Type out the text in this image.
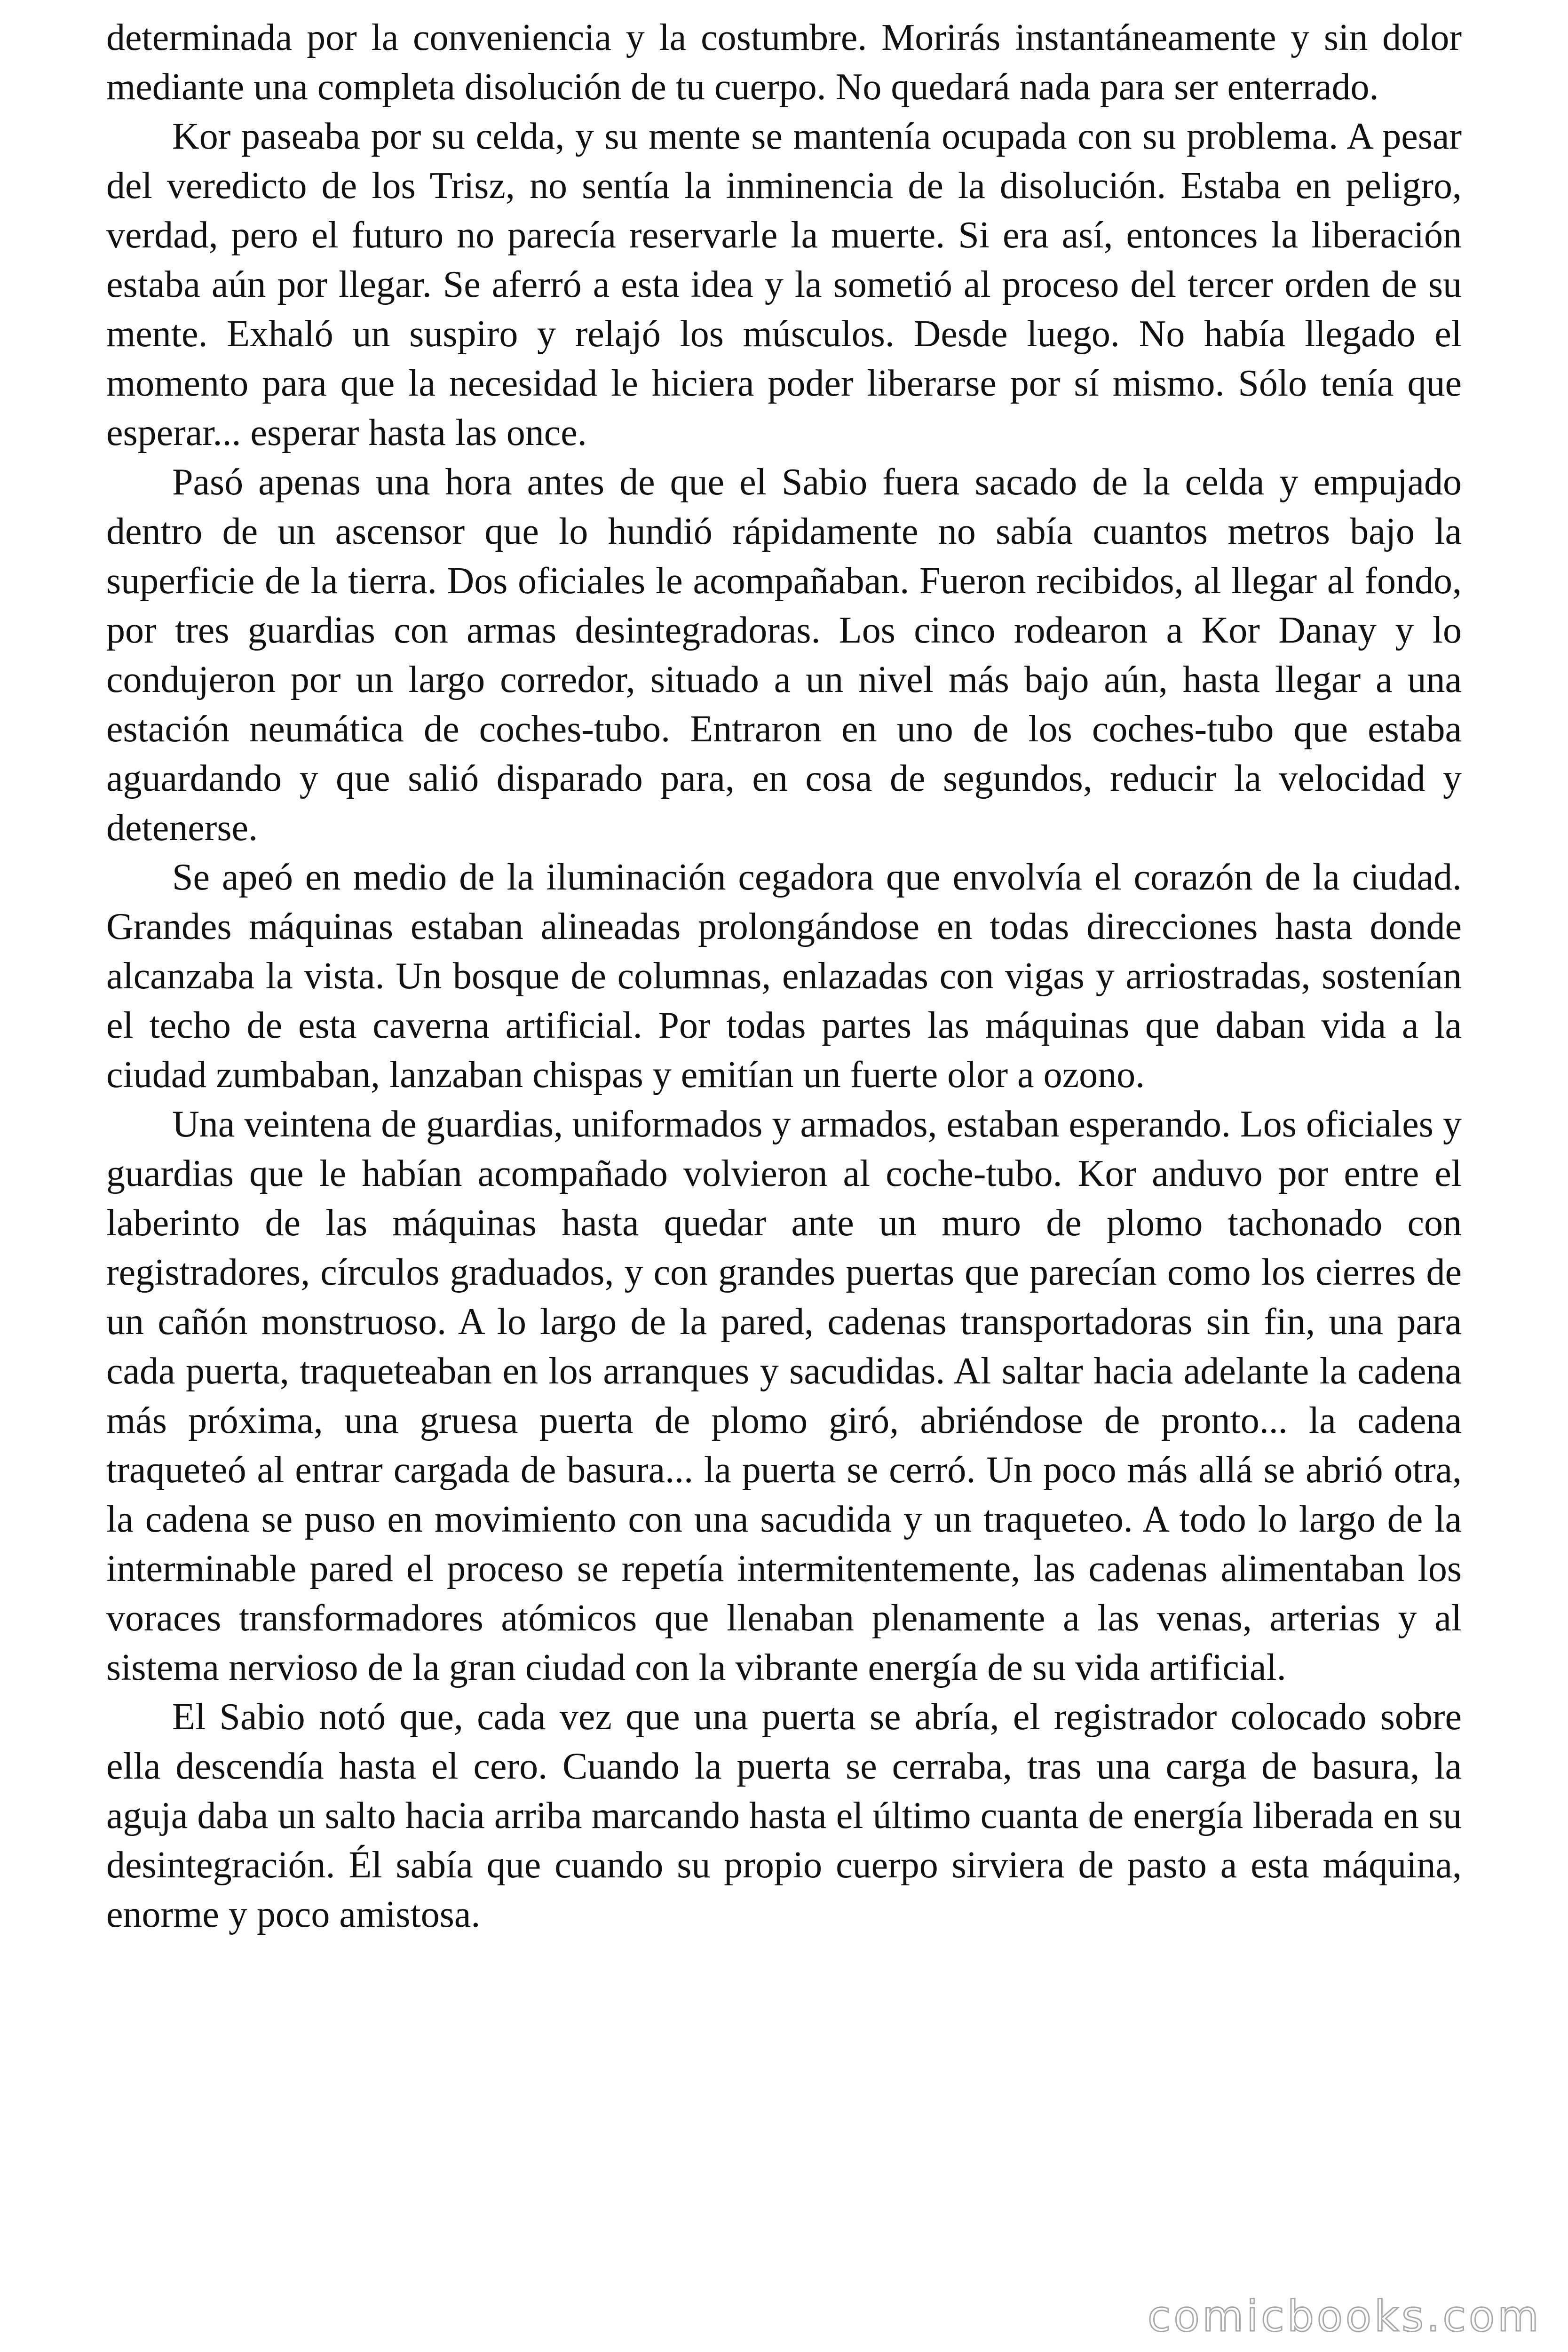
determinada por la conveniencia y la costumbre. Morirás instantáneamente y sin dolor mediante una completa disolución de tu cuerpo. No quedará nada para ser enterrado.

Kor paseaba por su celda, y su mente se mantenía ocupada con su problema. A pesar del veredicto de los Trisz, no sentía la inminencia de la disolución. Estaba en peligro, verdad, pero el futuro no parecía reservarle la muerte. Si era así, entonces la liberación estaba aún por llegar. Se aferró a esta idea y la sometió al proceso del tercer orden de su mente. Exhaló un suspiro y relajó los músculos. Desde luego. No había llegado el momento para que la necesidad le hiciera poder liberarse por sí mismo. Sólo tenía que esperar... esperar hasta las once.

Pasó apenas una hora antes de que el Sabio fuera sacado de la celda y empujado dentro de un ascensor que lo hundió rápidamente no sabía cuantos metros bajo la superficie de la tierra. Dos oficiales le acompañaban. Fueron recibidos, al llegar al fondo, por tres guardias con armas desintegradoras. Los cinco rodearon a Kor Danay y lo condujeron por un largo corredor, situado a un nivel más bajo aún, hasta llegar a una estación neumática de coches-tubo. Entraron en uno de los coches-tubo que estaba aguardando y que salió disparado para, en cosa de segundos, reducir la velocidad y detenerse.

Se apeó en medio de la iluminación cegadora que envolvía el corazón de la ciudad. Grandes máquinas estaban alineadas prolongándose en todas direcciones hasta donde alcanzaba la vista. Un bosque de columnas, enlazadas con vigas y arriostradas, sostenían el techo de esta caverna artificial. Por todas partes las máquinas que daban vida a la ciudad zumbaban, lanzaban chispas y emitían un fuerte olor a ozono.

Una veintena de guardias, uniformados y armados, estaban esperando. Los oficiales y guardias que le habían acompañado volvieron al coche-tubo. Kor anduvo por entre el laberinto de las máquinas hasta quedar ante un muro de plomo tachonado con registradores, círculos graduados, y con grandes puertas que parecían como los cierres de un cañón monstruoso. A lo largo de la pared, cadenas transportadoras sin fin, una para cada puerta, traqueteaban en los arranques y sacudidas. Al saltar hacia adelante la cadena más próxima, una gruesa puerta de plomo giró, abriéndose de pronto... la cadena traqueteó al entrar cargada de basura... la puerta se cerró. Un poco más allá se abrió otra, la cadena se puso en movimiento con una sacudida y un traqueteo. A todo lo largo de la interminable pared el proceso se repetía intermitentemente, las cadenas alimentaban los voraces transformadores atómicos que llenaban plenamente a las venas, arterias y al sistema nervioso de la gran ciudad con la vibrante energía de su vida artificial.

El Sabio notó que, cada vez que una puerta se abría, el registrador colocado sobre ella descendía hasta el cero. Cuando la puerta se cerraba, tras una carga de basura, la aguja daba un salto hacia arriba marcando hasta el último cuanta de energía liberada en su desintegración. Él sabía que cuando su propio cuerpo sirviera de pasto a esta máquina, enorme y poco amistosa.

comicbooks.com
